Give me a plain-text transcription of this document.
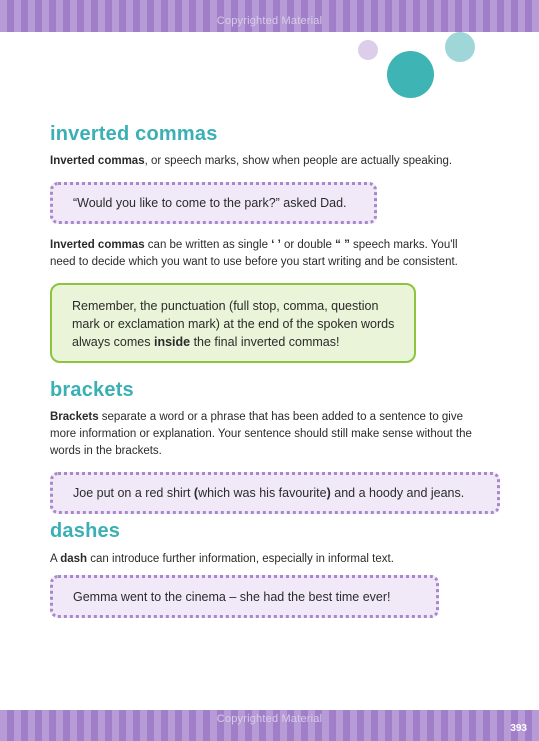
Copyrighted Material
inverted commas

Inverted commas, or speech marks, show when people are actually speaking.

“Would you like to come to the park?” asked Dad.

Inverted commas can be written as single ‘ ’ or double “ ” speech marks. You'll need to decide which you want to use before you start writing and be consistent.

Remember, the punctuation (full stop, comma, question mark or exclamation mark) at the end of the spoken words always comes inside the final inverted commas!
brackets

Brackets separate a word or a phrase that has been added to a sentence to give more information or explanation. Your sentence should still make sense without the words in the brackets.

Joe put on a red shirt (which was his favourite) and a hoody and jeans.
dashes

A dash can introduce further information, especially in informal text.

Gemma went to the cinema – she had the best time ever!
Copyrighted Material
393
